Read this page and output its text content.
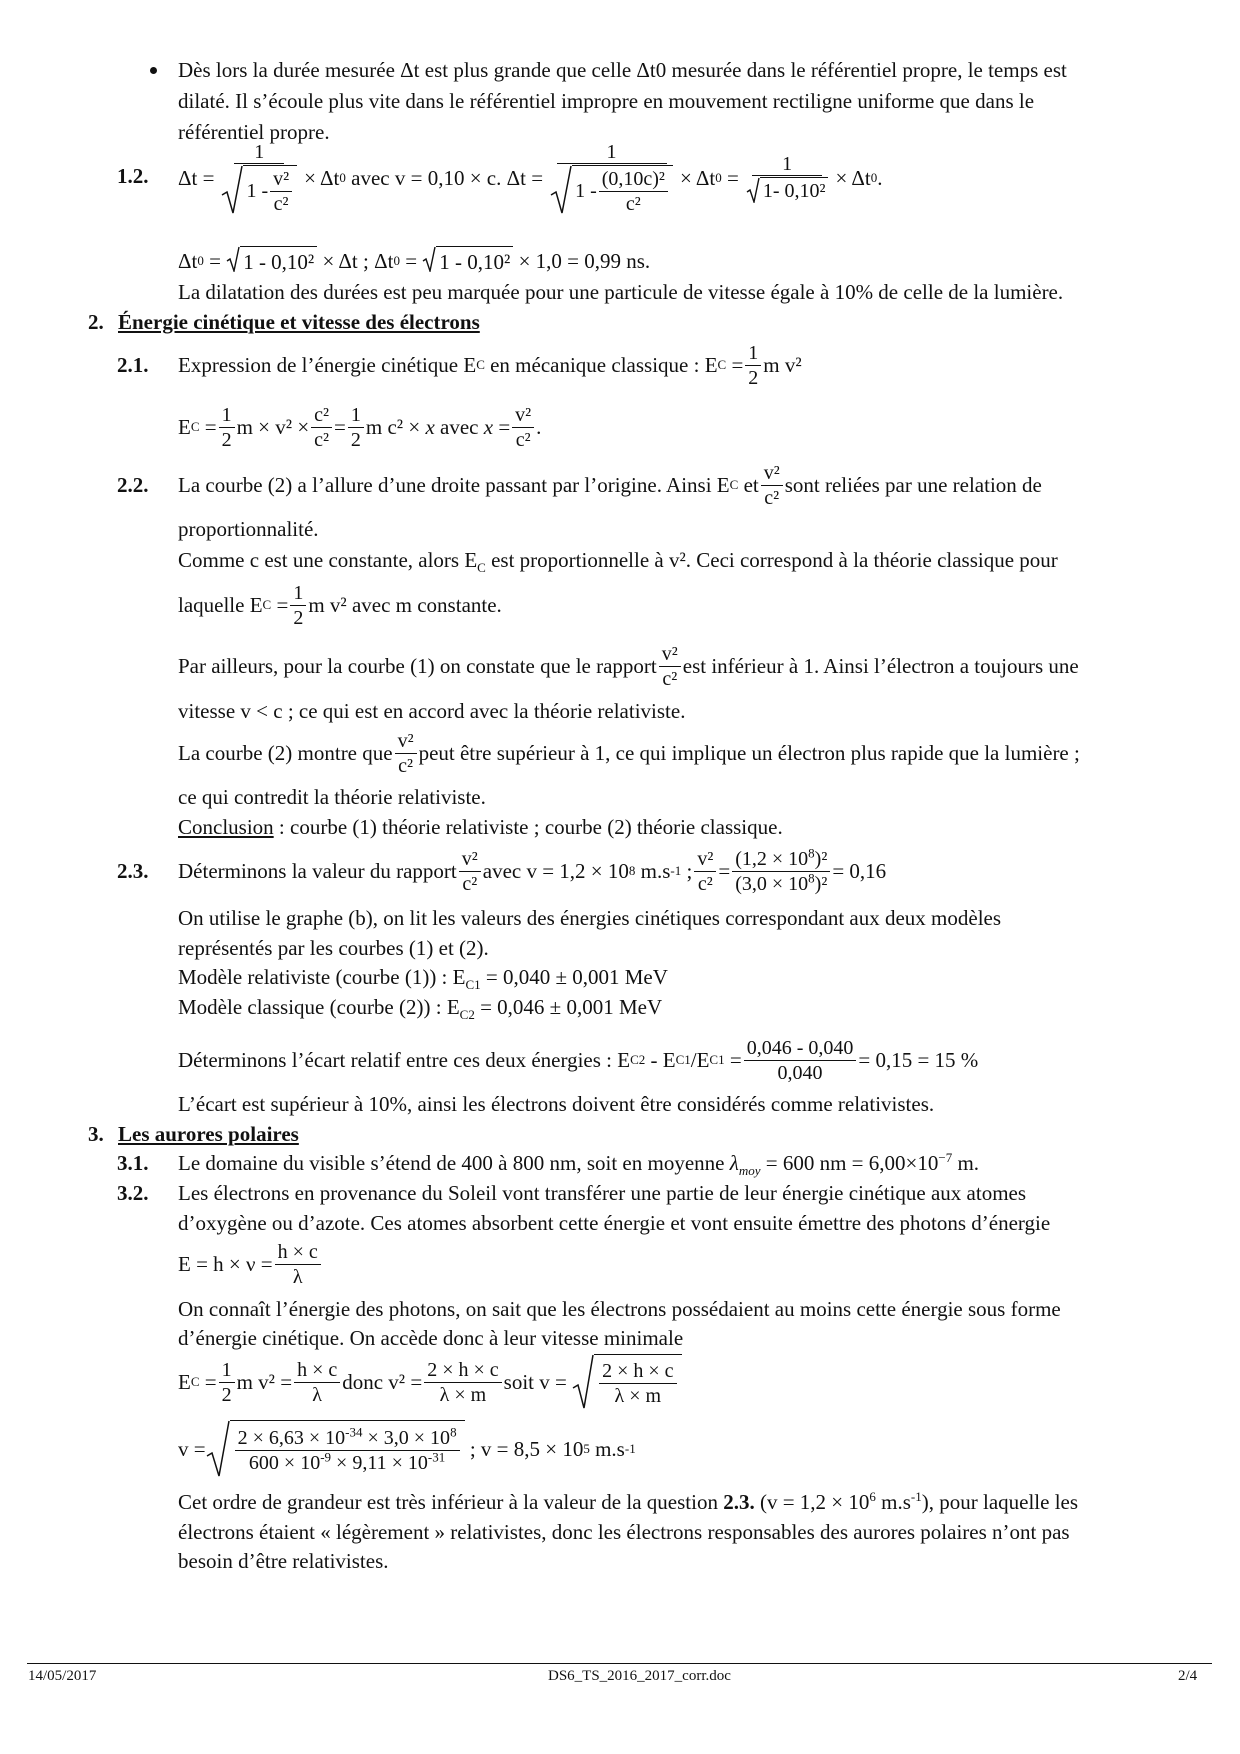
Dès lors la durée mesurée Δt est plus grande que celle Δt0 mesurée dans le référentiel propre, le temps est
dilaté. Il s’écoule plus vite dans le référentiel impropre en mouvement rectiligne uniforme que dans le
référentiel propre.
1.2. $\Delta t = \frac{1}{1 - \frac{\text{v²}}{\text{c²}}} \times \Delta t$ 0
avec v = 0,10 × c.
$\Delta t = \frac{1}{1 - \frac{\text{(0,10c)²}}{\text{c²}}} \times \Delta t$ 0
= $\frac{1}{\text{1- 0,10²}} \times \Delta t$ 0 .
Δt 0
=
1 - 0,10²
× Δt ; Δt 0
=
1 - 0,10²
× 1,0 = 0,99 ns.
La dilatation des durées est peu marquée pour une particule de vitesse égale à 10% de celle de la lumière.
2. Énergie cinétique et vitesse des électrons
2.1. Expression de l’énergie cinétique E C
en mécanique classique : E C
= $\frac{1}{2}$ m v²
E C
= $\frac{1}{2}$ $m \times v^2 \times \frac{\text{c²}}{\text{c²}} = \frac{1}{2}$ m c² ×
x
avec
x
= $\frac{\text{v²}}{\text{c²}}$ .
2.2. La courbe (2) a l’allure d’une droite passant par l’origine. Ainsi E C
et $\frac{\text{v²}}{\text{c²}}$ sont reliées par une relation de
proportionnalité.
Comme c est une constante, alors $E_C$ est proportionnelle à v². Ceci correspond à la théorie classique pour
laquelle E C
= $\frac{1}{2}$ m v² avec m constante.
Par ailleurs, pour la courbe (1) on constate que le rapport $\frac{\text{v²}}{\text{c²}}$ est inférieur à 1. Ainsi l’électron a toujours une
vitesse v < c ; ce qui est en accord avec la théorie relativiste.
La courbe (2) montre que $\frac{\text{v²}}{\text{c²}}$ peut être supérieur à 1, ce qui implique un électron plus rapide que la lumière ;
ce qui contredit la théorie relativiste.
Conclusion : courbe (1) théorie relativiste ; courbe (2) théorie classique.
2.3. Déterminons la valeur du rapport $\frac{\text{v²}}{\text{c²}}$ avec v = 1,2 × 10 8
m.s -1
; $\frac{\text{v²}}{\text{c²}} = \frac{(1,2 \times 10^8)^2}{(3,0 \times 10^8)^2} = 0,16$
On utilise le graphe (b), on lit les valeurs des énergies cinétiques correspondant aux deux modèles
représentés par les courbes (1) et (2).
Modèle relativiste (courbe (1)) : $E_{C1} = 0,040 \pm 0,001$ MeV
Modèle classique (courbe (2)) : $E_{C2} = 0,046 \pm 0,001$ MeV
Déterminons l’écart relatif entre ces deux énergies : E C2
- E C1 /E C1
= $\frac{0,046 - 0,040}{0,040} = 0,15 = 15$ %
L’écart est supérieur à 10%, ainsi les électrons doivent être considérés comme relativistes.
3. Les aurores polaires
3.1. Le domaine du visible s’étend de 400 à 800 nm, soit en moyenne $\lambda_{moy} = 600$ nm = $6,00\times 10^{-7}$ m.
3.2. Les électrons en provenance du Soleil vont transférer une partie de leur énergie cinétique aux atomes
d’oxygène ou d’azote. Ces atomes absorbent cette énergie et vont ensuite émettre des photons d’énergie
$E = h \times \nu = \frac{h \times c}{\lambda}$
On connaît l’énergie des photons, on sait que les électrons possédaient au moins cette énergie sous forme
d’énergie cinétique. On accède donc à leur vitesse minimale
E C
= $\frac{1}{2}$ m $v^2 = \frac{h \times c}{\lambda}$ donc $v^2 = \frac{2 \times h \times c}{\lambda \times m}$ soit v =
$\frac{2 \times h \times c}{\lambda \times m}$
$v = \frac{2 \times 6,63 \times 10^{-34} \times 3,0 \times 10^8}{600 \times 10^{-9} \times 9,11 \times 10^{-31}}$
; v = 8,5 × 10 5
m.s -1
Cet ordre de grandeur est très inférieur à la valeur de la question 2.3. ($v = 1,2 \times 10^6$ $m.s^{-1}$), pour laquelle les
électrons étaient « légèrement » relativistes, donc les électrons responsables des aurores polaires n’ont pas
besoin d’être relativistes.
14/05/2017	DS6_TS_2016_2017_corr.doc	2/4
